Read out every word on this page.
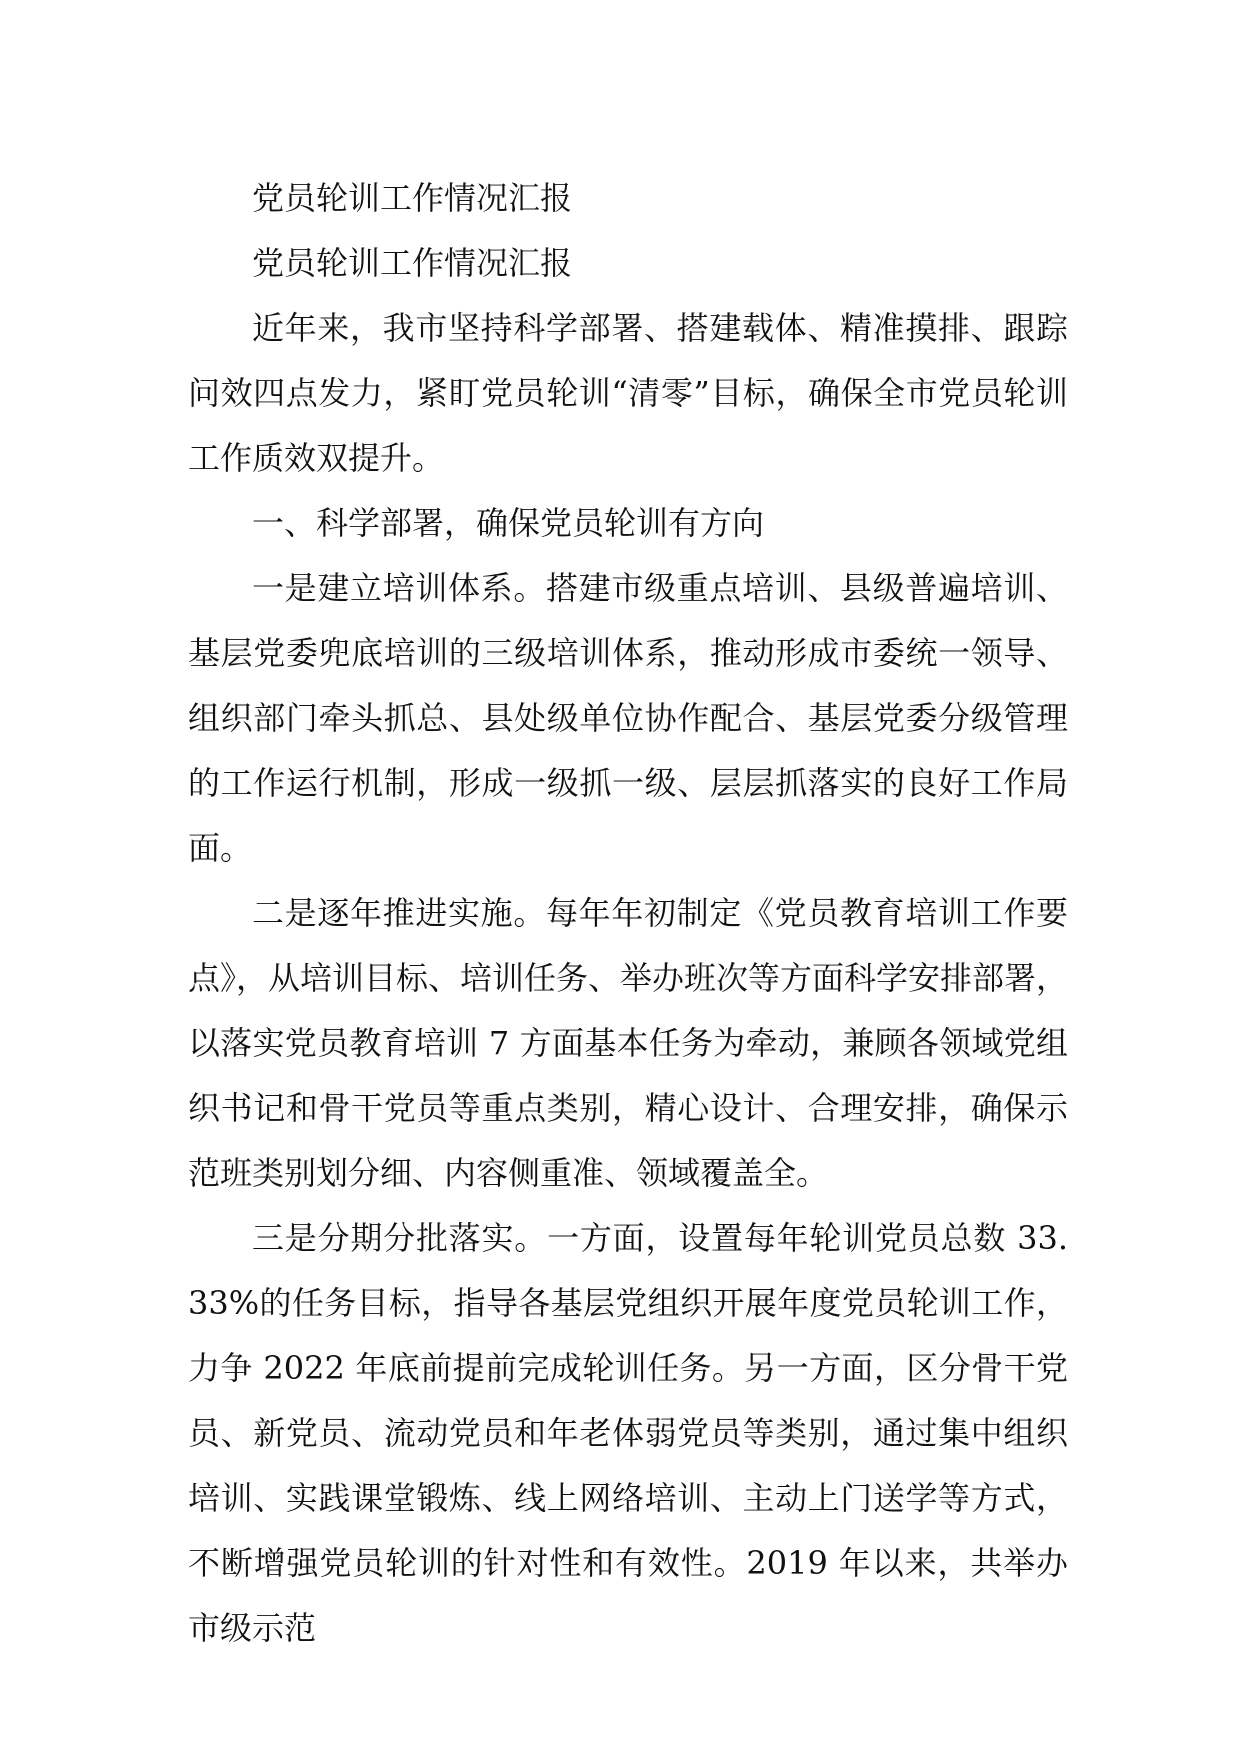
党员轮训工作情况汇报

党员轮训工作情况汇报

近年来，我市坚持科学部署、搭建载体、精准摸排、跟踪问效四点发力，紧盯党员轮训“清零”目标，确保全市党员轮训工作质效双提升。

一、科学部署，确保党员轮训有方向

一是建立培训体系。搭建市级重点培训、县级普遍培训、基层党委兜底培训的三级培训体系，推动形成市委统一领导、组织部门牵头抓总、县处级单位协作配合、基层党委分级管理的工作运行机制，形成一级抓一级、层层抓落实的良好工作局面。

二是逐年推进实施。每年年初制定《党员教育培训工作要点》，从培训目标、培训任务、举办班次等方面科学安排部署，以落实党员教育培训 7 方面基本任务为牵动，兼顾各领域党组织书记和骨干党员等重点类别，精心设计、合理安排，确保示范班类别划分细、内容侧重准、领域覆盖全。

三是分期分批落实。一方面，设置每年轮训党员总数 33.33%的任务目标，指导各基层党组织开展年度党员轮训工作，力争 2022 年底前提前完成轮训任务。另一方面，区分骨干党员、新党员、流动党员和年老体弱党员等类别，通过集中组织培训、实践课堂锻炼、线上网络培训、主动上门送学等方式，不断增强党员轮训的针对性和有效性。2019 年以来，共举办市级示范
